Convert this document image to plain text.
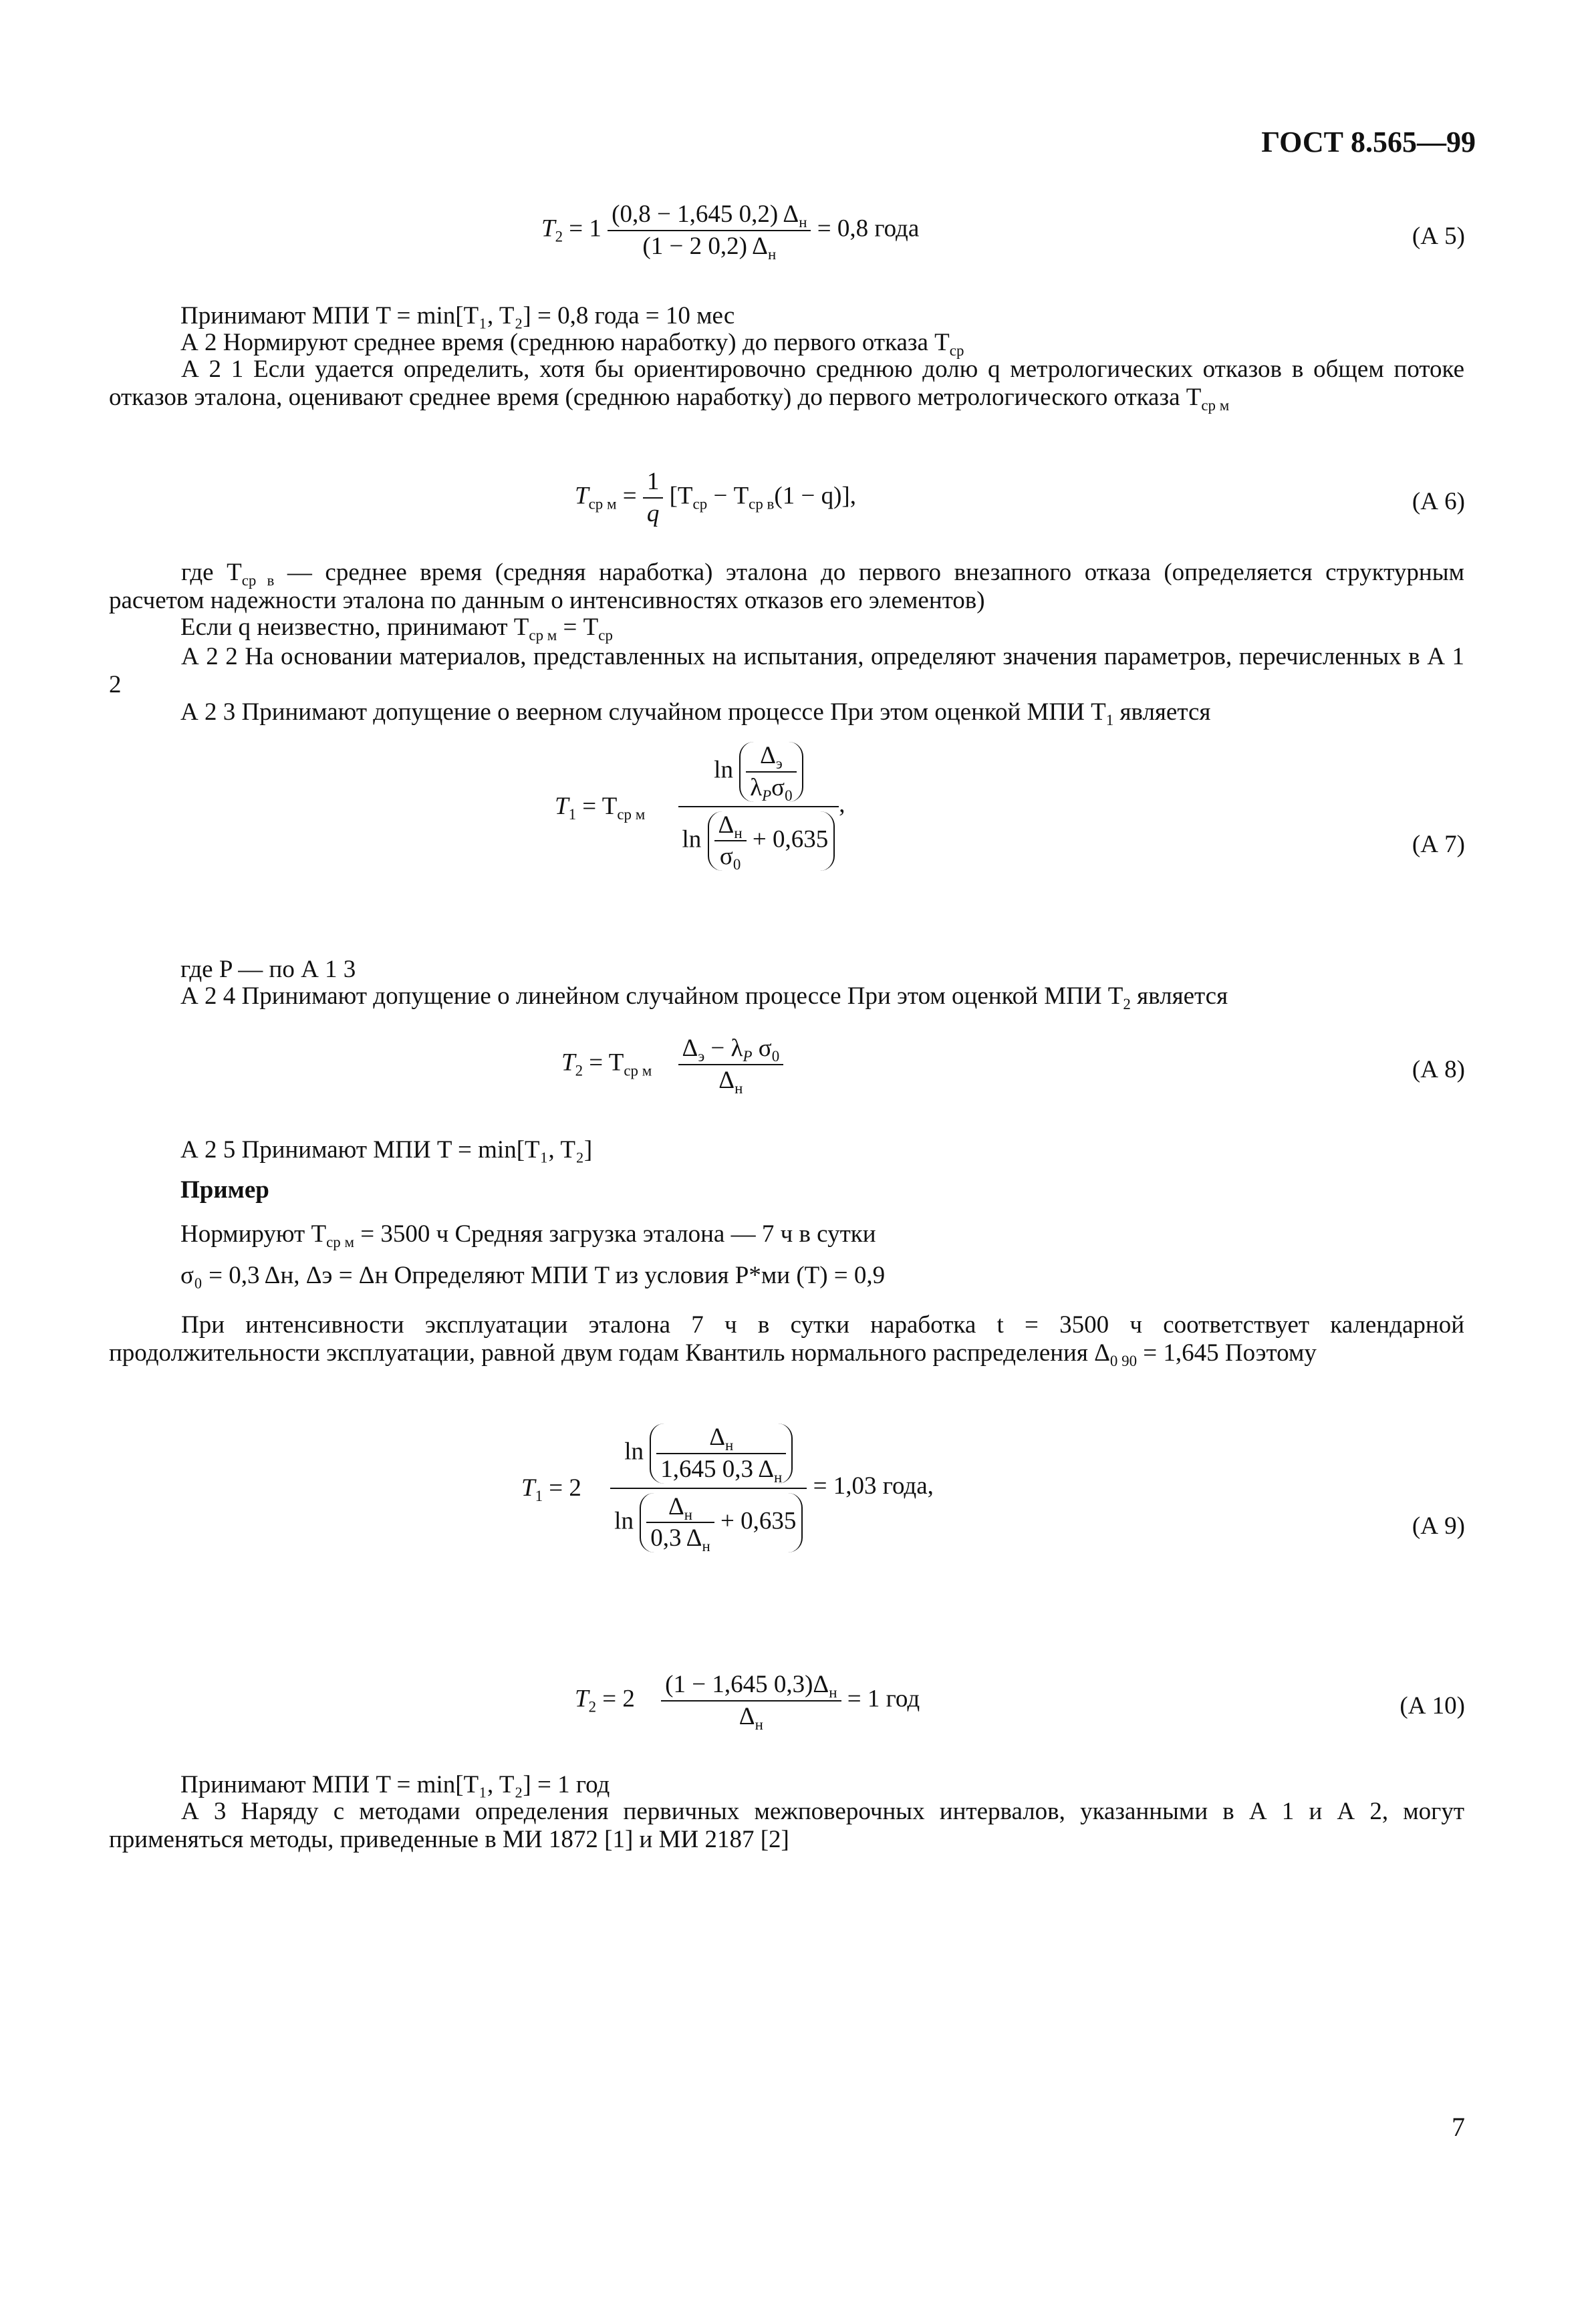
ГОСТ 8.565—99
$T_2 = 1 \frac{(0,8 - 1,645 0,2) \Delta_н}{(1 - 2 0,2) \Delta_н} = 0,8$ года	(А 5)
Принимают МПИ T = min[T₁, T₂] = 0,8 года = 10 мес
А 2 Нормируют среднее время (среднюю наработку) до первого отказа $T_{ср}$
А 2 1 Если удается определить, хотя бы ориентировочно среднюю долю q метрологических отказов в общем потоке отказов эталона, оценивают среднее время (среднюю наработку) до первого метрологического отказа $T_{ср м}$
$T_{ср м} = \frac{1}{q} [T_{ср} - T_{ср в}(1 - q)]$,	(А 6)
где $T_{ср в}$ — среднее время (средняя наработка) эталона до первого внезапного отказа (определяется структурным расчетом надежности эталона по данным о интенсивностях отказов его элементов)
Если q неизвестно, принимают $T_{ср м} = T_{ср}$
А 2 2 На основании материалов, представленных на испытания, определяют значения параметров, перечисленных в А 1 2
А 2 3 Принимают допущение о веерном случайном процессе При этом оценкой МПИ $T_1$ является
$T_1 = T_{ср м}$
$\ln \frac{\Delta_э}{\lambda_P\sigma_0}$
$\ln \frac{\Delta_н}{\sigma_0} + 0,635$
,
(А 7)
где P — по А 1 3
А 2 4 Принимают допущение о линейном случайном процессе При этом оценкой МПИ $T_2$ является
$T_2 = T_{ср м} \frac{\Delta_э - \lambda_P \sigma_0}{\Delta_н}$	(А 8)
А 2 5 Принимают МПИ T = min[T₁, T₂]
Пример
Нормируют $T_{ср м} = 3500$ ч Средняя загрузка эталона — 7 ч в сутки
σ₀ = 0,3 Δн, Δэ = Δн Определяют МПИ T из условия P*ми (T) = 0,9
При интенсивности эксплуатации эталона 7 ч в сутки наработка t = 3500 ч соответствует календарной продолжительности эксплуатации, равной двум годам Квантиль нормального распределения $\Delta_{0 90} = 1,645$ Поэтому
$T_1 = 2$
$\ln \frac{\Delta_н}{1,645 0,3 \Delta_н}$
$\ln \frac{\Delta_н}{0,3 \Delta_н} + 0,635$
= 1,03 года,
(А 9)
$T_2 = 2 \frac{(1 - 1,645 0,3)\Delta_н}{\Delta_н} = 1$ год	(А 10)
Принимают МПИ T = min[T₁, T₂] = 1 год
А 3 Наряду с методами определения первичных межповерочных интервалов, указанными в А 1 и А 2, могут применяться методы, приведенные в МИ 1872 [1] и МИ 2187 [2]
7
